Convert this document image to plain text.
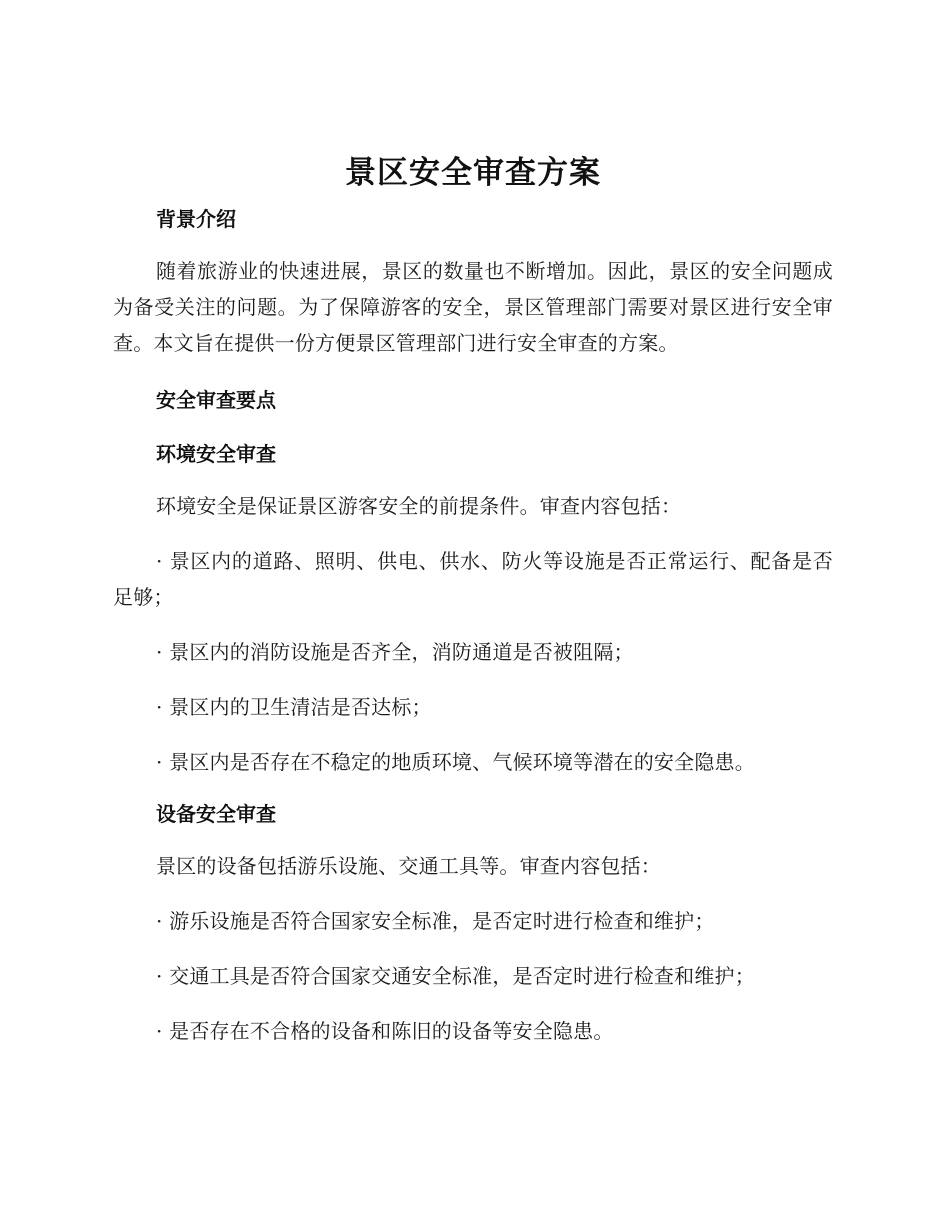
景区安全审查方案

背景介绍

随着旅游业的快速进展，景区的数量也不断增加。因此，景区的安全问题成为备受关注的问题。为了保障游客的安全，景区管理部门需要对景区进行安全审查。本文旨在提供一份方便景区管理部门进行安全审查的方案。

安全审查要点

环境安全审查

环境安全是保证景区游客安全的前提条件。审查内容包括：

· 景区内的道路、照明、供电、供水、防火等设施是否正常运行、配备是否足够；

· 景区内的消防设施是否齐全，消防通道是否被阻隔；

· 景区内的卫生清洁是否达标；

· 景区内是否存在不稳定的地质环境、气候环境等潜在的安全隐患。

设备安全审查

景区的设备包括游乐设施、交通工具等。审查内容包括：

· 游乐设施是否符合国家安全标准，是否定时进行检查和维护；

· 交通工具是否符合国家交通安全标准，是否定时进行检查和维护；

· 是否存在不合格的设备和陈旧的设备等安全隐患。
